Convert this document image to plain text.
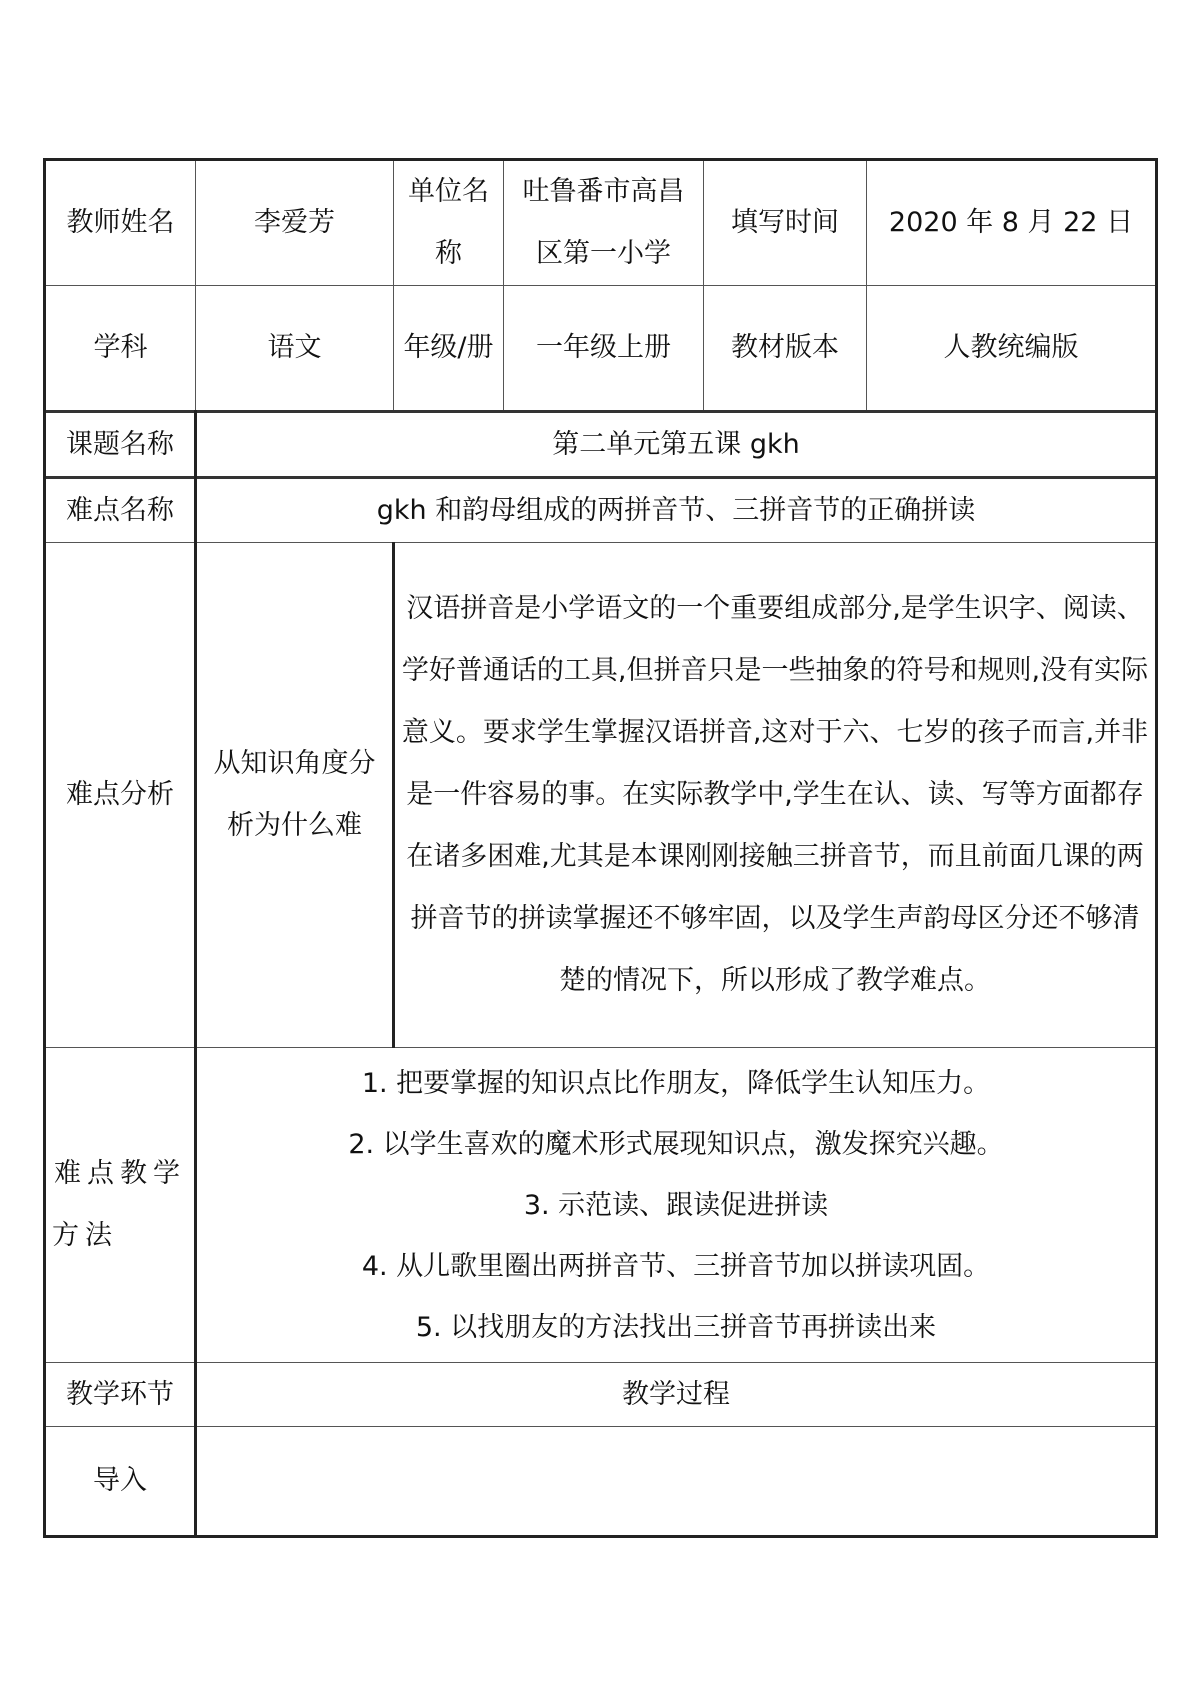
教师姓名	李爱芳	单位名称	吐鲁番市高昌区第一小学	填写时间	2020 年 8 月 22 日
学科	语文	年级/册	一年级上册	教材版本	人教统编版
课题名称	第二单元第五课 gkh				
难点名称	gkh 和韵母组成的两拼音节、三拼音节的正确拼读				
难点分析	从知识角度分析为什么难	汉语拼音是小学语文的一个重要组成部分,是学生识字、阅读、学好普通话的工具,但拼音只是一些抽象的符号和规则,没有实际意义。要求学生掌握汉语拼音,这对于六、七岁的孩子而言,并非是一件容易的事。在实际教学中,学生在认、读、写等方面都存在诸多困难,尤其是本课刚刚接触三拼音节，而且前面几课的两拼音节的拼读掌握还不够牢固，以及学生声韵母区分还不够清楚的情况下，所以形成了教学难点。			
难点教学方法	1. 把要掌握的知识点比作朋友，降低学生认知压力。
2. 以学生喜欢的魔术形式展现知识点，激发探究兴趣。
3. 示范读、跟读促进拼读
4. 从儿歌里圈出两拼音节、三拼音节加以拼读巩固。
5. 以找朋友的方法找出三拼音节再拼读出来				

教学环节	教学过程				
导入					
